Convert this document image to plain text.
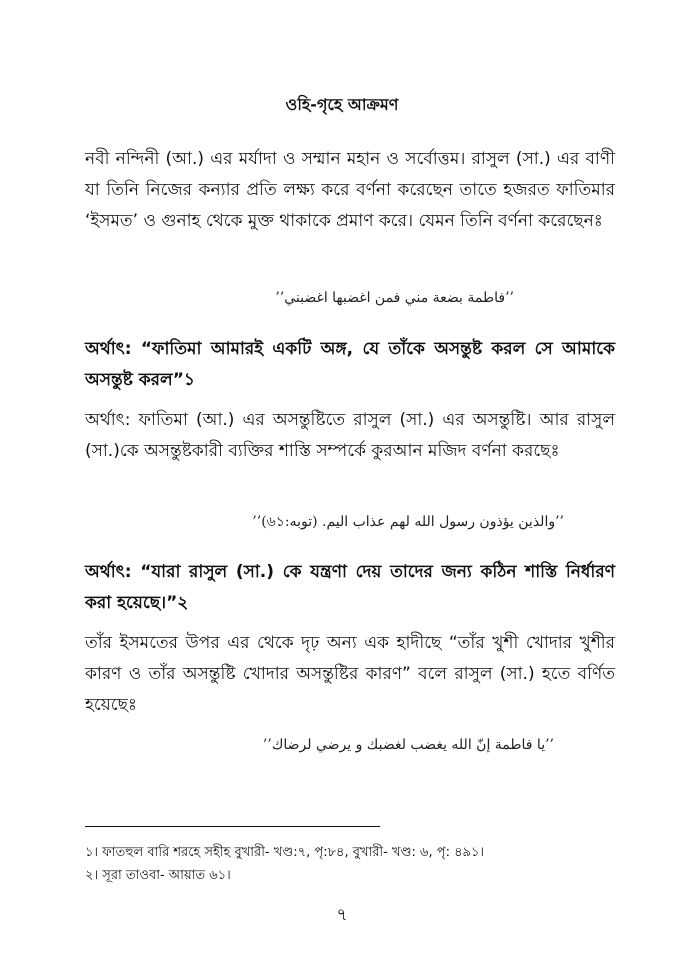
ওহি-গৃহে আক্রমণ
নবী নন্দিনী (আ.) এর মর্যাদা ও সম্মান মহান ও সর্বোত্তম। রাসুল (সা.) এর বাণী যা তিনি নিজের কন্যার প্রতি লক্ষ্য করে বর্ণনা করেছেন তাতে হজরত ফাতিমার ‘ইসমত’ ও গুনাহ থেকে মুক্ত থাকাকে প্রমাণ করে। যেমন তিনি বর্ণনা করেছেনঃ
’’فاطمة بضعة مني فمن اغضبها اغضبني’’
অর্থাৎ: “ফাতিমা আমারই একটি অঙ্গ, যে তাঁকে অসন্তুষ্ট করল সে আমাকে অসন্তুষ্ট করল”১
অর্থাৎ: ফাতিমা (আ.) এর অসন্তুষ্টিতে রাসুল (সা.) এর অসন্তুষ্টি। আর রাসুল (সা.)কে অসন্তুষ্টকারী ব্যক্তির শাস্তি সম্পর্কে কুরআন মজিদ বর্ণনা করছেঃ
’’والذين يؤذون رسول الله لهم عذاب اليم. (توبه:৬১)’’
অর্থাৎ: “যারা রাসুল (সা.) কে যন্ত্রণা দেয় তাদের জন্য কঠিন শাস্তি নির্ধারণ করা হয়েছে।”২
তাঁর ইসমতের উপর এর থেকে দৃঢ় অন্য এক হাদীছে “তাঁর খুশী খোদার খুশীর কারণ ও তাঁর অসন্তুষ্টি খোদার অসন্তুষ্টির কারণ” বলে রাসুল (সা.) হতে বর্ণিত হয়েছেঃ
’’يا فاطمة إنّ الله يغضب لغضبك و يرضي لرضاك’’
১। ফাতহুল বারি শরহে সহীহ বুখারী- খণ্ড:৭, পৃ:৮৪, বুখারী- খণ্ড: ৬, পৃ: ৪৯১।
২। সূরা তাওবা- আয়াত ৬১।
৭
